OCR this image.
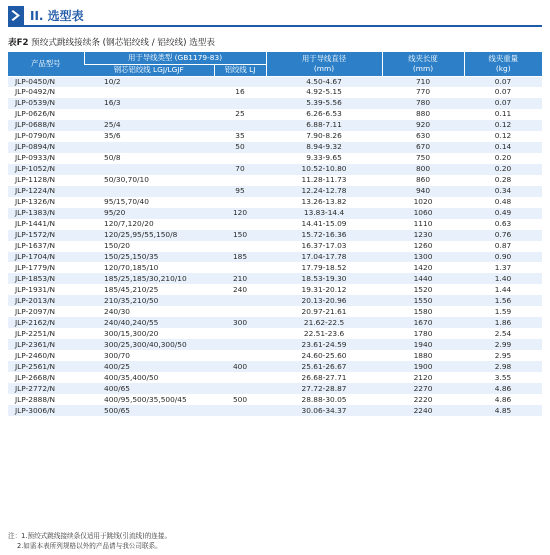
II. 选型表
表F2 预绞式跳线接续条 (钢芯铝绞线 / 铝绞线) 选型表
产品型号	用于导线类型 (GB1179-83)		用于导线直径
(mm)	线夹长度
(mm)	线夹重量
(kg)
	钢芯铝绞线 LGJ/LGJF	铝绞线 LJ			
JLP-0450/N	10/2		4.50-4.67	710	0.07
JLP-0492/N		16	4.92-5.15	770	0.07
JLP-0539/N	16/3		5.39-5.56	780	0.07
JLP-0626/N		25	6.26-6.53	880	0.11
JLP-0688/N	25/4		6.88-7.11	920	0.12
JLP-0790/N	35/6	35	7.90-8.26	630	0.12
JLP-0894/N		50	8.94-9.32	670	0.14
JLP-0933/N	50/8		9.33-9.65	750	0.20
JLP-1052/N		70	10.52-10.80	800	0.20
JLP-1128/N	50/30,70/10		11.28-11.73	860	0.28
JLP-1224/N		95	12.24-12.78	940	0.34
JLP-1326/N	95/15,70/40		13.26-13.82	1020	0.48
JLP-1383/N	95/20	120	13.83-14.4	1060	0.49
JLP-1441/N	120/7,120/20		14.41-15.09	1110	0.63
JLP-1572/N	120/25,95/55,150/8	150	15.72-16.36	1230	0.76
JLP-1637/N	150/20		16.37-17.03	1260	0.87
JLP-1704/N	150/25,150/35	185	17.04-17.78	1300	0.90
JLP-1779/N	120/70,185/10		17.79-18.52	1420	1.37
JLP-1853/N	185/25,185/30,210/10	210	18.53-19.30	1440	1.40
JLP-1931/N	185/45,210/25	240	19.31-20.12	1520	1.44
JLP-2013/N	210/35,210/50		20.13-20.96	1550	1.56
JLP-2097/N	240/30		20.97-21.61	1580	1.59
JLP-2162/N	240/40,240/55	300	21.62-22.5	1670	1.86
JLP-2251/N	300/15,300/20		22.51-23.6	1780	2.54
JLP-2361/N	300/25,300/40,300/50		23.61-24.59	1940	2.99
JLP-2460/N	300/70		24.60-25.60	1880	2.95
JLP-2561/N	400/25	400	25.61-26.67	1900	2.98
JLP-2668/N	400/35,400/50		26.68-27.71	2120	3.55
JLP-2772/N	400/65		27.72-28.87	2270	4.86
JLP-2888/N	400/95,500/35,500/45	500	28.88-30.05	2220	4.86
JLP-3006/N	500/65		30.06-34.37	2240	4.85
注：1.预绞式跳线接续条仅适用于跳线(引流线)的连接。
2.如需本表所列规格以外的产品请与我公司联系。
